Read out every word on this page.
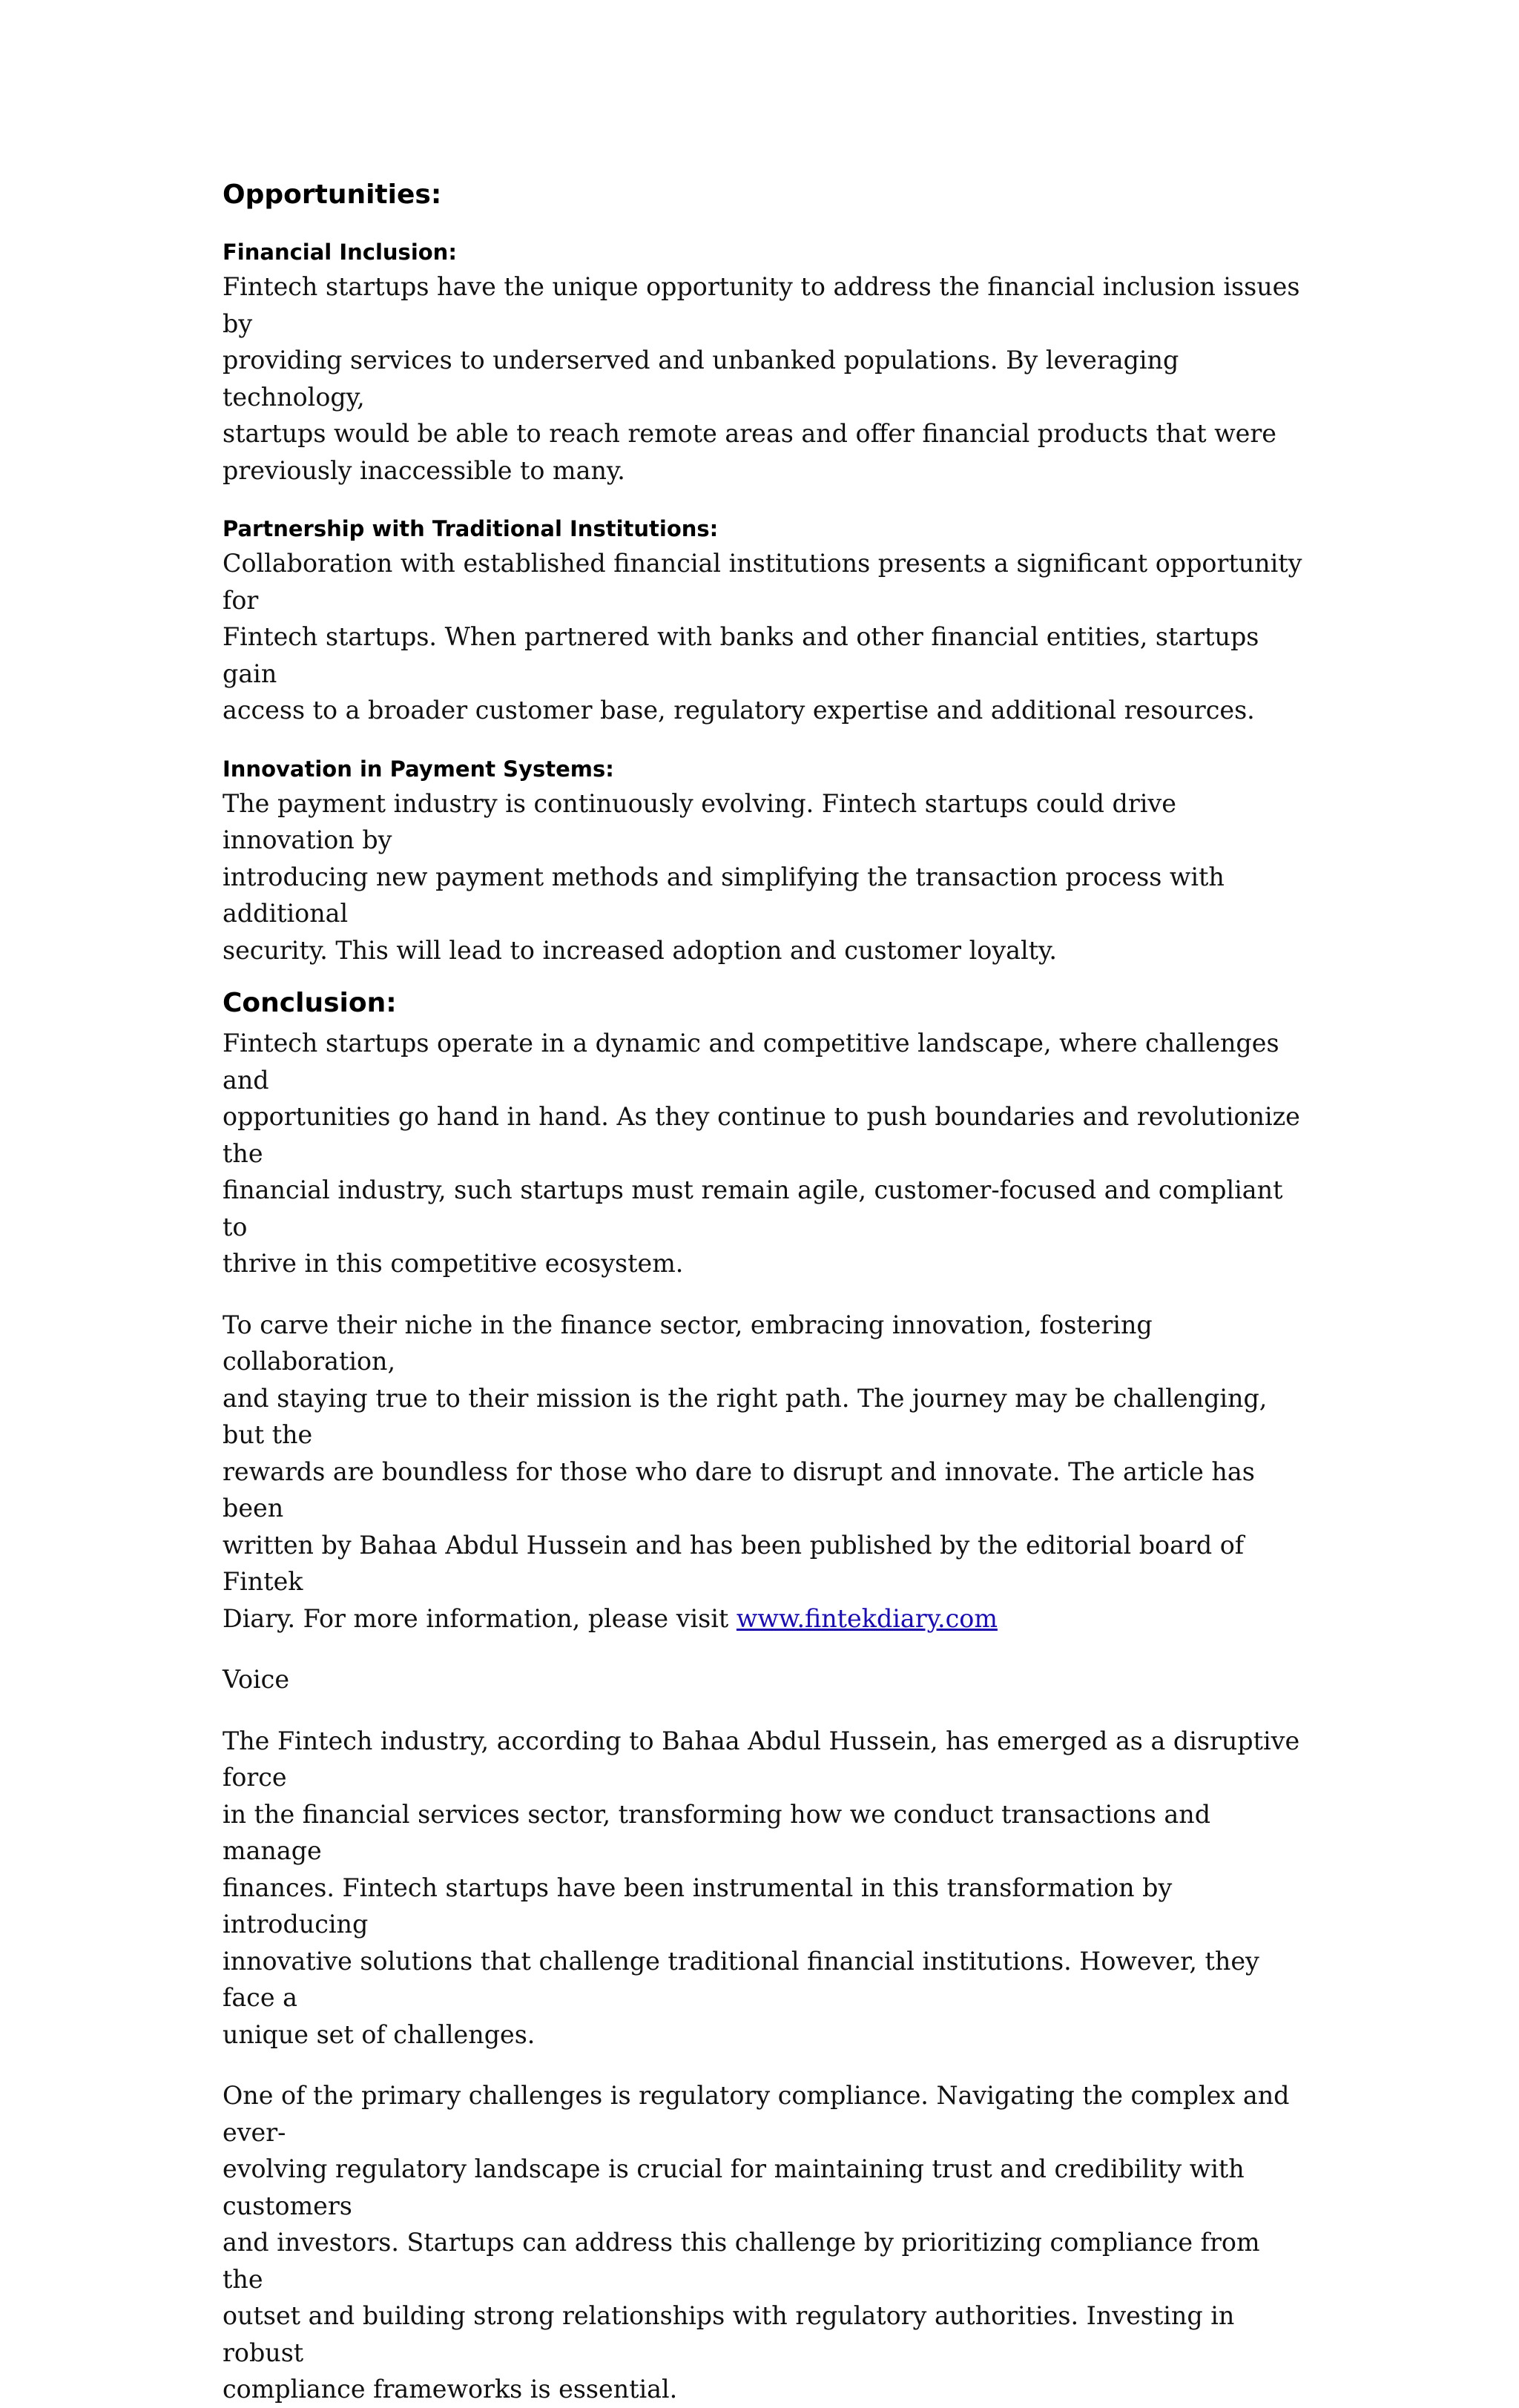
Opportunities:
Financial Inclusion:

Fintech startups have the unique opportunity to address the financial inclusion issues by
providing services to underserved and unbanked populations. By leveraging technology,
startups would be able to reach remote areas and offer financial products that were
previously inaccessible to many.

Partnership with Traditional Institutions:

Collaboration with established financial institutions presents a significant opportunity for
Fintech startups. When partnered with banks and other financial entities, startups gain
access to a broader customer base, regulatory expertise and additional resources.

Innovation in Payment Systems:

The payment industry is continuously evolving. Fintech startups could drive innovation by
introducing new payment methods and simplifying the transaction process with additional
security. This will lead to increased adoption and customer loyalty.

Conclusion:

Fintech startups operate in a dynamic and competitive landscape, where challenges and
opportunities go hand in hand. As they continue to push boundaries and revolutionize the
financial industry, such startups must remain agile, customer-focused and compliant to
thrive in this competitive ecosystem.

To carve their niche in the finance sector, embracing innovation, fostering collaboration,
and staying true to their mission is the right path. The journey may be challenging, but the
rewards are boundless for those who dare to disrupt and innovate. The article has been
written by Bahaa Abdul Hussein and has been published by the editorial board of Fintek
Diary. For more information, please visit www.fintekdiary.com

Voice

The Fintech industry, according to Bahaa Abdul Hussein, has emerged as a disruptive force
in the financial services sector, transforming how we conduct transactions and manage
finances. Fintech startups have been instrumental in this transformation by introducing
innovative solutions that challenge traditional financial institutions. However, they face a
unique set of challenges.

One of the primary challenges is regulatory compliance. Navigating the complex and ever-
evolving regulatory landscape is crucial for maintaining trust and credibility with customers
and investors. Startups can address this challenge by prioritizing compliance from the
outset and building strong relationships with regulatory authorities. Investing in robust
compliance frameworks is essential.
